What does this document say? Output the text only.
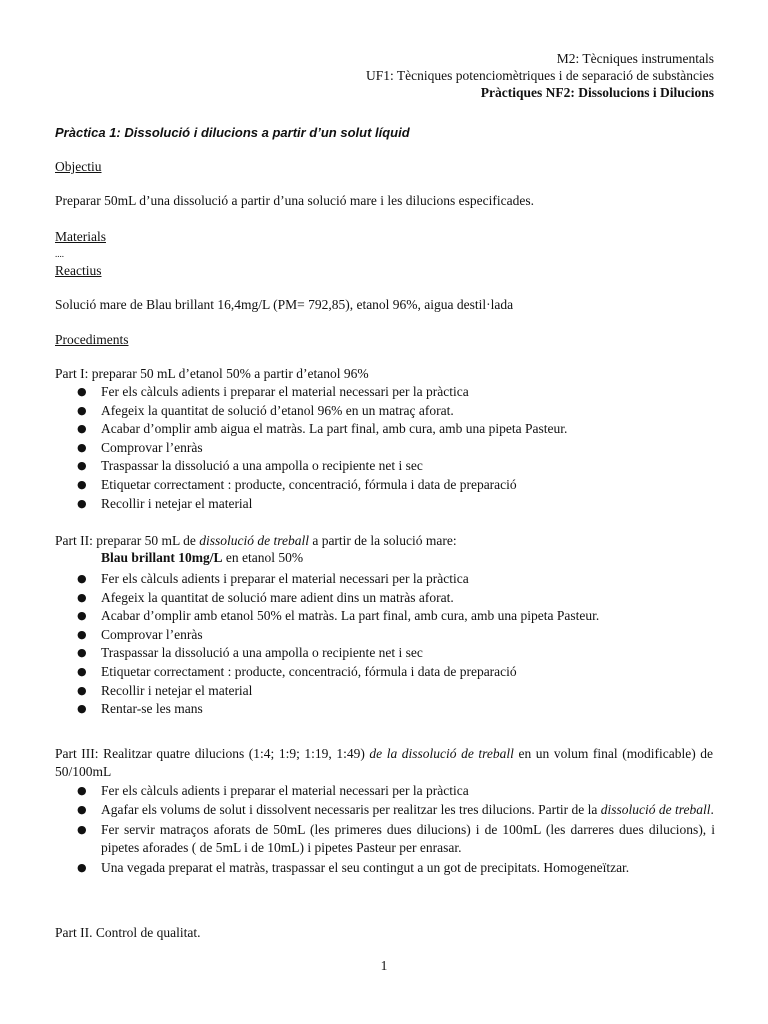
M2: Tècniques instrumentals
UF1: Tècniques potenciomètriques i de separació de substàncies
Pràctiques NF2: Dissolucions i Dilucions
Pràctica 1: Dissolució i dilucions a partir d’un solut líquid
Objectiu
Preparar 50mL d’una dissolució a partir d’una solució mare i les dilucions especificades.
Materials
....
Reactius
Solució mare de Blau brillant 16,4mg/L (PM= 792,85), etanol 96%, aigua destil·lada
Procediments
Part I: preparar 50 mL d’etanol 50% a partir d’etanol 96%
● Fer els càlculs adients i preparar el material necessari per la pràctica
● Afegeix la quantitat de solució d’etanol 96% en un matraç aforat.
● Acabar d’omplir amb aigua el matràs. La part final, amb cura, amb una pipeta Pasteur.
● Comprovar l’enràs
● Traspassar la dissolució a una ampolla o recipiente net i sec
● Etiquetar correctament : producte, concentració, fórmula i data de preparació
● Recollir i netejar el material
Part II: preparar 50 mL de dissolució de treball a partir de la solució mare:
Blau brillant 10mg/L en etanol 50%
● Fer els càlculs adients i preparar el material necessari per la pràctica
● Afegeix la quantitat de solució mare adient dins un matràs aforat.
● Acabar d’omplir amb etanol 50% el matràs. La part final, amb cura, amb una pipeta Pasteur.
● Comprovar l’enràs
● Traspassar la dissolució a una ampolla o recipiente net i sec
● Etiquetar correctament : producte, concentració, fórmula i data de preparació
● Recollir i netejar el material
● Rentar-se les mans
Part III: Realitzar quatre dilucions (1:4; 1:9; 1:19, 1:49) de la dissolució de treball en un volum final (modificable) de 50/100mL
● Fer els càlculs adients i preparar el material necessari per la pràctica
● Agafar els volums de solut i dissolvent necessaris per realitzar les tres dilucions. Partir de la dissolució de treball.
● Fer servir matraços aforats de 50mL (les primeres dues dilucions) i de 100mL (les darreres dues dilucions), i pipetes aforades ( de 5mL i de 10mL) i pipetes Pasteur per enrasar.
● Una vegada preparat el matràs, traspassar el seu contingut a un got de precipitats. Homogeneïtzar.
Part II. Control de qualitat.
1
